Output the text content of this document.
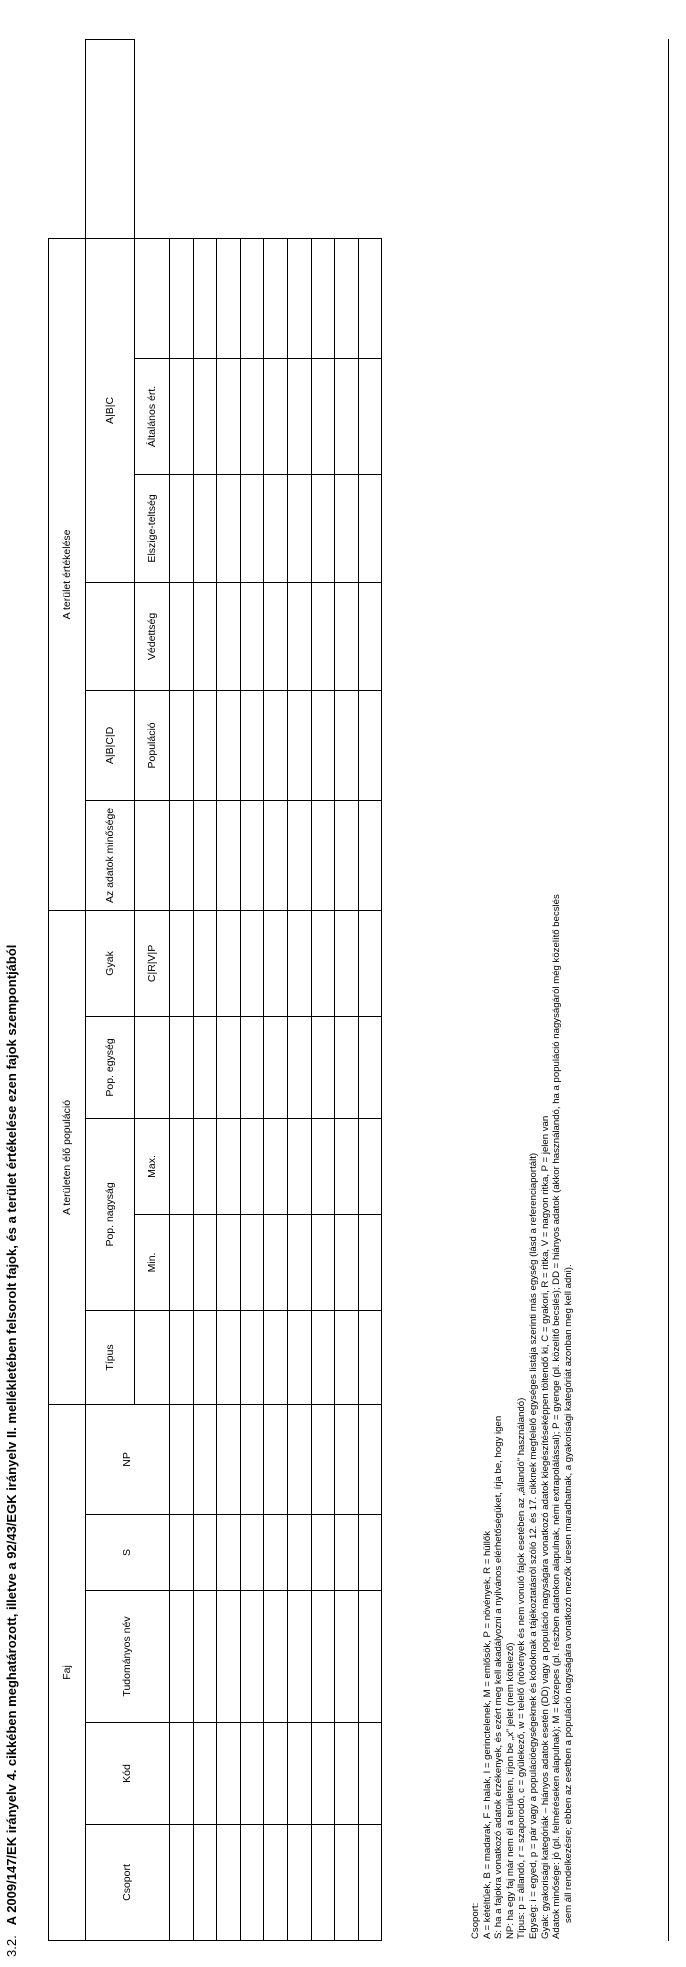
3.2.A 2009/147/EK irányelv 4. cikkében meghatározott, illetve a 92/43/EGK irányelv II. mellékletében felsorolt fajok, és a terület értékelése ezen fajok szempontjából	Faj					A területen élő populáció					A terület értékelése						
Csoport	Kód	Tudományos név	S	NP	Típus	Pop. nagyság		Pop. egység	Gyak	Az adatok minősége	A|B|C|D		A|B|C			
						Min.	Max.		C|R|V|P		Populáció	Védettség	Elszige-teltség	Általános ért.		

Csoport: A = kétéltűek, B = madarak, F = halak, I = gerinctelenek, M = emlősök, P = növények, R = hüllők S: ha a fajokra vonatkozó adatok érzékenyek, és ezért meg kell akadályozni a nyilvános elérhetőségüket, írja be, hogy igen NP: ha egy faj már nem él a területen, írjon be „x” jelet (nem kötelező) Típus: p = állandó, r = szaporodó, c = gyülekező, w = telelő (növények és nem vonuló fajok esetében az „állandó” használandó) Egység: i = egyed, p = pár vagy a populációegységeknek és kódoknak a tájékoztatásról szóló 12. és 17. cikknek megfelelő egységes listája szerinti más egység (lásd a referenciaportált) Gyak: gyakorisági kategóriák – hiányos adatok esetén (DD) vagy a populáció nagyságára vonatkozó adatok kiegészítéseképpen töltendő ki, C = gyakori, R = ritka, V = nagyon ritka, P = jelen van Adatok minősége: jó (pl. felméréseken alapulnak); M = közepes (pl. részben adatokon alapulnak, némi extrapolálással); P = gyenge (pl. közelítő becslés); DD = hiányos adatok (akkor használandó, ha a populáció nagyságáról még közelítő becslés sem áll rendelkezésre; ebben az esetben a populáció nagyságára vonatkozó mezők üresen maradhatnak, a gyakorisági kategóriát azonban meg kell adni).
